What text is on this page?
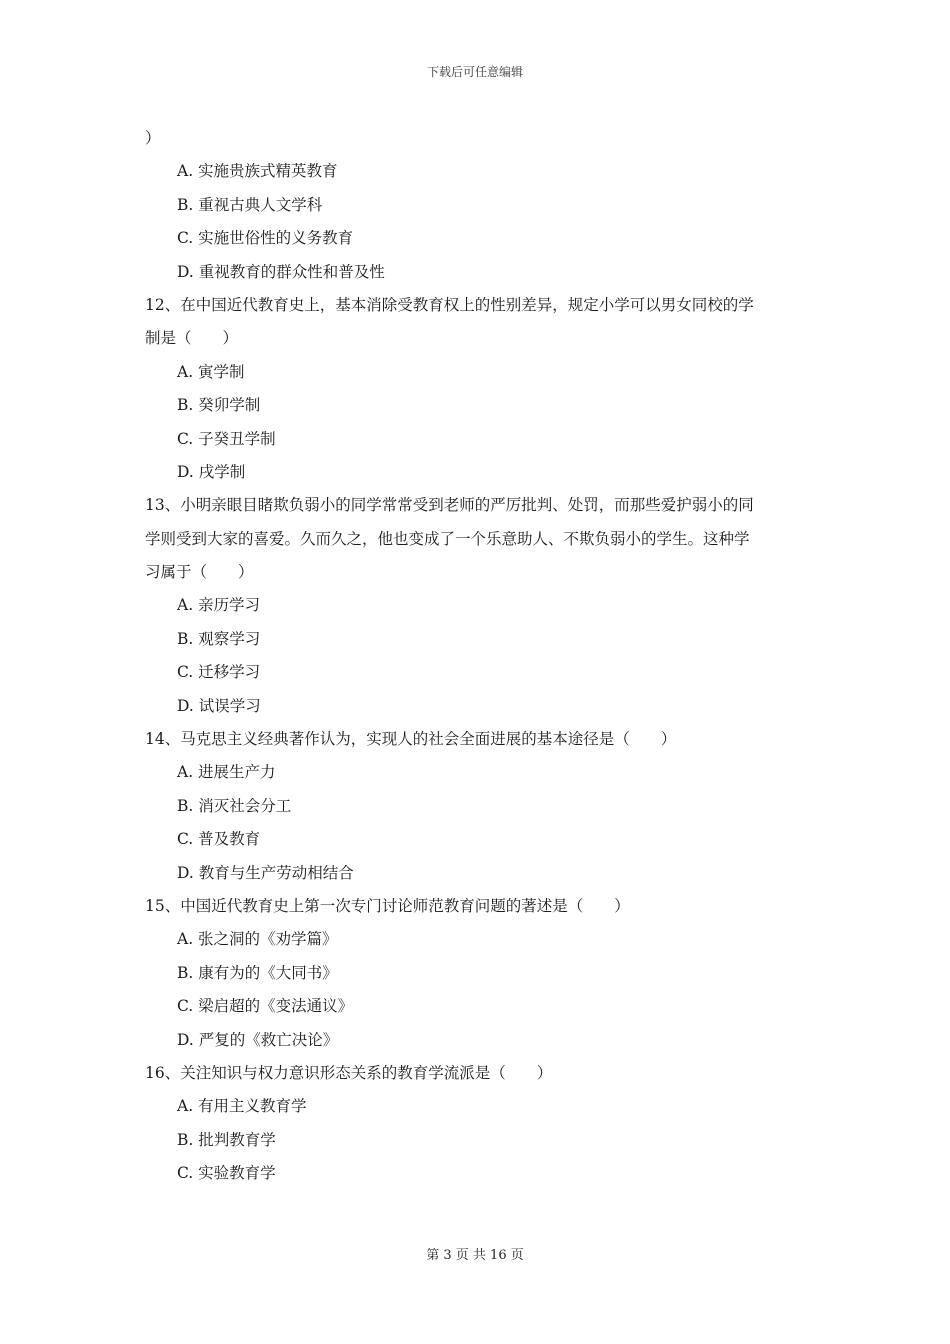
下载后可任意编辑
）
A. 实施贵族式精英教育
B. 重视古典人文学科
C. 实施世俗性的义务教育
D. 重视教育的群众性和普及性
12、在中国近代教育史上，基本消除受教育权上的性别差异，规定小学可以男女同校的学
制是（　　）
A. 寅学制
B. 癸卯学制
C. 子癸丑学制
D. 戌学制
13、小明亲眼目睹欺负弱小的同学常常受到老师的严厉批判、处罚，而那些爱护弱小的同
学则受到大家的喜爱。久而久之，他也变成了一个乐意助人、不欺负弱小的学生。这种学
习属于（　　）
A. 亲历学习
B. 观察学习
C. 迁移学习
D. 试误学习
14、马克思主义经典著作认为，实现人的社会全面进展的基本途径是（　　）
A. 进展生产力
B. 消灭社会分工
C. 普及教育
D. 教育与生产劳动相结合
15、中国近代教育史上第一次专门讨论师范教育问题的著述是（　　）
A. 张之洞的《劝学篇》
B. 康有为的《大同书》
C. 梁启超的《变法通议》
D. 严复的《救亡决论》
16、关注知识与权力意识形态关系的教育学流派是（　　）
A. 有用主义教育学
B. 批判教育学
C. 实验教育学
第 3 页 共 16 页
